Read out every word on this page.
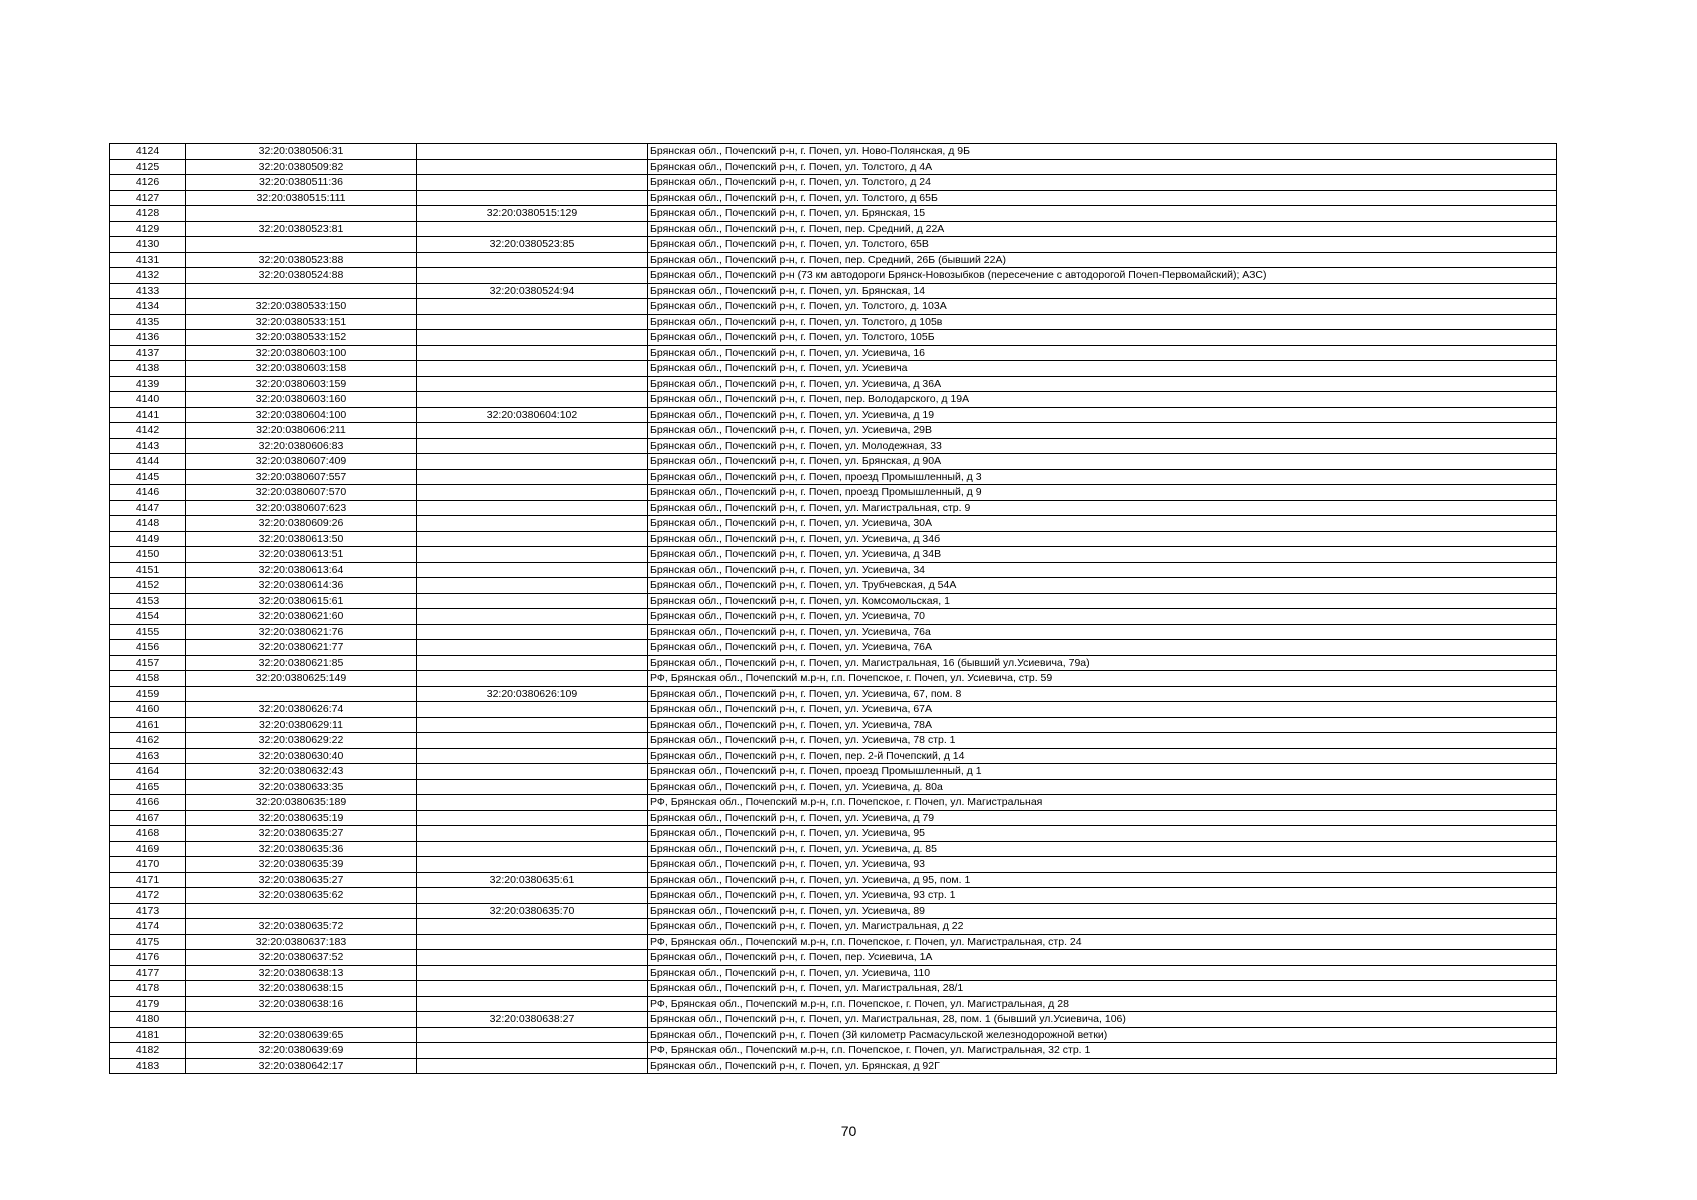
4124	32:20:0380506:31		Брянская обл., Почепский р-н, г. Почеп, ул. Ново-Полянская, д 9Б
4125	32:20:0380509:82		Брянская обл., Почепский р-н, г. Почеп, ул. Толстого, д 4А
4126	32:20:0380511:36		Брянская обл., Почепский р-н, г. Почеп, ул. Толстого, д 24
4127	32:20:0380515:111		Брянская обл., Почепский р-н, г. Почеп, ул. Толстого, д 65Б
4128		32:20:0380515:129	Брянская обл., Почепский р-н, г. Почеп, ул. Брянская, 15
4129	32:20:0380523:81		Брянская обл., Почепский р-н, г. Почеп, пер. Средний, д 22А
4130		32:20:0380523:85	Брянская обл., Почепский р-н, г. Почеп, ул. Толстого, 65В
4131	32:20:0380523:88		Брянская обл., Почепский р-н, г. Почеп, пер. Средний, 26Б (бывший 22А)
4132	32:20:0380524:88		Брянская обл., Почепский р-н (73 км автодороги Брянск-Новозыбков (пересечение с автодорогой Почеп-Первомайский); АЗС)
4133		32:20:0380524:94	Брянская обл., Почепский р-н, г. Почеп, ул. Брянская, 14
4134	32:20:0380533:150		Брянская обл., Почепский р-н, г. Почеп, ул. Толстого, д. 103А
4135	32:20:0380533:151		Брянская обл., Почепский р-н, г. Почеп, ул. Толстого, д 105в
4136	32:20:0380533:152		Брянская обл., Почепский р-н, г. Почеп, ул. Толстого, 105Б
4137	32:20:0380603:100		Брянская обл., Почепский р-н, г. Почеп, ул. Усиевича, 16
4138	32:20:0380603:158		Брянская обл., Почепский р-н, г. Почеп, ул. Усиевича
4139	32:20:0380603:159		Брянская обл., Почепский р-н, г. Почеп, ул. Усиевича, д 36А
4140	32:20:0380603:160		Брянская обл., Почепский р-н, г. Почеп, пер. Володарского, д 19А
4141	32:20:0380604:100	32:20:0380604:102	Брянская обл., Почепский р-н, г. Почеп, ул. Усиевича, д 19
4142	32:20:0380606:211		Брянская обл., Почепский р-н, г. Почеп, ул. Усиевича, 29В
4143	32:20:0380606:83		Брянская обл., Почепский р-н, г. Почеп, ул. Молодежная, 33
4144	32:20:0380607:409		Брянская обл., Почепский р-н, г. Почеп, ул. Брянская, д 90А
4145	32:20:0380607:557		Брянская обл., Почепский р-н, г. Почеп, проезд Промышленный, д 3
4146	32:20:0380607:570		Брянская обл., Почепский р-н, г. Почеп, проезд Промышленный, д 9
4147	32:20:0380607:623		Брянская обл., Почепский р-н, г. Почеп, ул. Магистральная, стр. 9
4148	32:20:0380609:26		Брянская обл., Почепский р-н, г. Почеп, ул. Усиевича, 30А
4149	32:20:0380613:50		Брянская обл., Почепский р-н, г. Почеп, ул. Усиевича, д 34б
4150	32:20:0380613:51		Брянская обл., Почепский р-н, г. Почеп, ул. Усиевича, д 34В
4151	32:20:0380613:64		Брянская обл., Почепский р-н, г. Почеп, ул. Усиевича, 34
4152	32:20:0380614:36		Брянская обл., Почепский р-н, г. Почеп, ул. Трубчевская, д 54А
4153	32:20:0380615:61		Брянская обл., Почепский р-н, г. Почеп, ул. Комсомольская, 1
4154	32:20:0380621:60		Брянская обл., Почепский р-н, г. Почеп, ул. Усиевича, 70
4155	32:20:0380621:76		Брянская обл., Почепский р-н, г. Почеп, ул. Усиевича, 76а
4156	32:20:0380621:77		Брянская обл., Почепский р-н, г. Почеп, ул. Усиевича, 76А
4157	32:20:0380621:85		Брянская обл., Почепский р-н, г. Почеп, ул. Магистральная, 16 (бывший ул.Усиевича, 79а)
4158	32:20:0380625:149		РФ, Брянская обл., Почепский м.р-н, г.п. Почепское, г. Почеп, ул. Усиевича, стр. 59
4159		32:20:0380626:109	Брянская обл., Почепский р-н, г. Почеп, ул. Усиевича, 67, пом. 8
4160	32:20:0380626:74		Брянская обл., Почепский р-н, г. Почеп, ул. Усиевича, 67А
4161	32:20:0380629:11		Брянская обл., Почепский р-н, г. Почеп, ул. Усиевича, 78А
4162	32:20:0380629:22		Брянская обл., Почепский р-н, г. Почеп, ул. Усиевича, 78 стр. 1
4163	32:20:0380630:40		Брянская обл., Почепский р-н, г. Почеп, пер. 2-й Почепский, д 14
4164	32:20:0380632:43		Брянская обл., Почепский р-н, г. Почеп, проезд Промышленный, д 1
4165	32:20:0380633:35		Брянская обл., Почепский р-н, г. Почеп, ул. Усиевича, д. 80а
4166	32:20:0380635:189		РФ, Брянская обл., Почепский м.р-н, г.п. Почепское, г. Почеп, ул. Магистральная
4167	32:20:0380635:19		Брянская обл., Почепский р-н, г. Почеп, ул. Усиевича, д 79
4168	32:20:0380635:27		Брянская обл., Почепский р-н, г. Почеп, ул. Усиевича, 95
4169	32:20:0380635:36		Брянская обл., Почепский р-н, г. Почеп, ул. Усиевича, д. 85
4170	32:20:0380635:39		Брянская обл., Почепский р-н, г. Почеп, ул. Усиевича, 93
4171	32:20:0380635:27	32:20:0380635:61	Брянская обл., Почепский р-н, г. Почеп, ул. Усиевича, д 95, пом. 1
4172	32:20:0380635:62		Брянская обл., Почепский р-н, г. Почеп, ул. Усиевича, 93 стр. 1
4173		32:20:0380635:70	Брянская обл., Почепский р-н, г. Почеп, ул. Усиевича, 89
4174	32:20:0380635:72		Брянская обл., Почепский р-н, г. Почеп, ул. Магистральная, д 22
4175	32:20:0380637:183		РФ, Брянская обл., Почепский м.р-н, г.п. Почепское, г. Почеп, ул. Магистральная, стр. 24
4176	32:20:0380637:52		Брянская обл., Почепский р-н, г. Почеп, пер. Усиевича, 1А
4177	32:20:0380638:13		Брянская обл., Почепский р-н, г. Почеп, ул. Усиевича, 110
4178	32:20:0380638:15		Брянская обл., Почепский р-н, г. Почеп, ул. Магистральная, 28/1
4179	32:20:0380638:16		РФ, Брянская обл., Почепский м.р-н, г.п. Почепское, г. Почеп, ул. Магистральная, д 28
4180		32:20:0380638:27	Брянская обл., Почепский р-н, г. Почеп, ул. Магистральная, 28, пом. 1 (бывший ул.Усиевича, 106)
4181	32:20:0380639:65		Брянская обл., Почепский р-н, г. Почеп (3й километр Расмасульской железнодорожной ветки)
4182	32:20:0380639:69		РФ, Брянская обл., Почепский м.р-н, г.п. Почепское, г. Почеп, ул. Магистральная, 32 стр. 1
4183	32:20:0380642:17		Брянская обл., Почепский р-н, г. Почеп, ул. Брянская, д 92Г
70
